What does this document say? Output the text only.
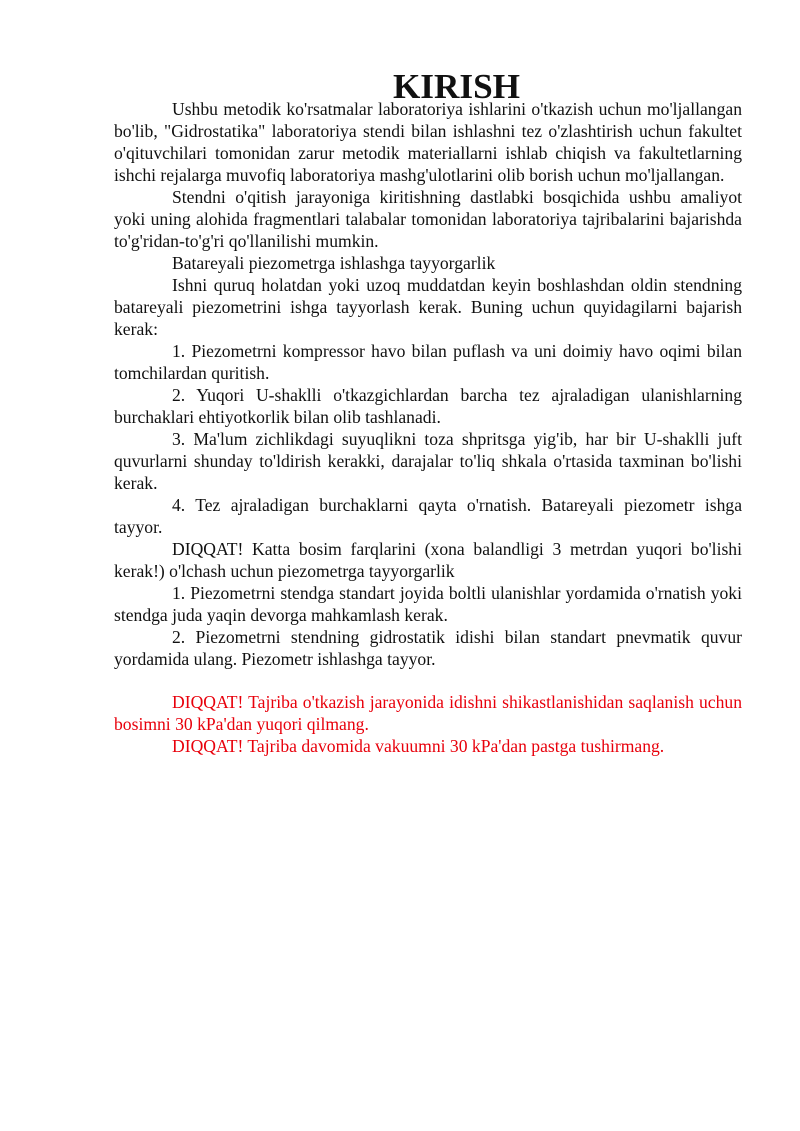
KIRISH

Ushbu metodik ko'rsatmalar laboratoriya ishlarini o'tkazish uchun mo'ljallangan bo'lib, "Gidrostatika" laboratoriya stendi bilan ishlashni tez o'zlashtirish uchun fakultet o'qituvchilari tomonidan zarur metodik materiallarni ishlab chiqish va fakultetlarning ishchi rejalarga muvofiq laboratoriya mashg'ulotlarini olib borish uchun mo'ljallangan.

Stendni o'qitish jarayoniga kiritishning dastlabki bosqichida ushbu amaliyot yoki uning alohida fragmentlari talabalar tomonidan laboratoriya tajribalarini bajarishda to'g'ridan-to'g'ri qo'llanilishi mumkin.

Batareyali piezometrga ishlashga tayyorgarlik

Ishni quruq holatdan yoki uzoq muddatdan keyin boshlashdan oldin stendning batareyali piezometrini ishga tayyorlash kerak. Buning uchun quyidagilarni bajarish kerak:

1. Piezometrni kompressor havo bilan puflash va uni doimiy havo oqimi bilan tomchilardan quritish.

2. Yuqori U-shaklli o'tkazgichlardan barcha tez ajraladigan ulanishlarning burchaklari ehtiyotkorlik bilan olib tashlanadi.

3. Ma'lum zichlikdagi suyuqlikni toza shpritsga yig'ib, har bir U-shaklli juft quvurlarni shunday to'ldirish kerakki, darajalar to'liq shkala o'rtasida taxminan bo'lishi kerak.

4. Tez ajraladigan burchaklarni qayta o'rnatish. Batareyali piezometr ishga tayyor.

DIQQAT! Katta bosim farqlarini (xona balandligi 3 metrdan yuqori bo'lishi kerak!) o'lchash uchun piezometrga tayyorgarlik

1. Piezometrni stendga standart joyida boltli ulanishlar yordamida o'rnatish yoki stendga juda yaqin devorga mahkamlash kerak.

2. Piezometrni stendning gidrostatik idishi bilan standart pnevmatik quvur yordamida ulang. Piezometr ishlashga tayyor.

DIQQAT! Tajriba o'tkazish jarayonida idishni shikastlanishidan saqlanish uchun bosimni 30 kPa'dan yuqori qilmang.

DIQQAT! Tajriba davomida vakuumni 30 kPa'dan pastga tushirmang.
